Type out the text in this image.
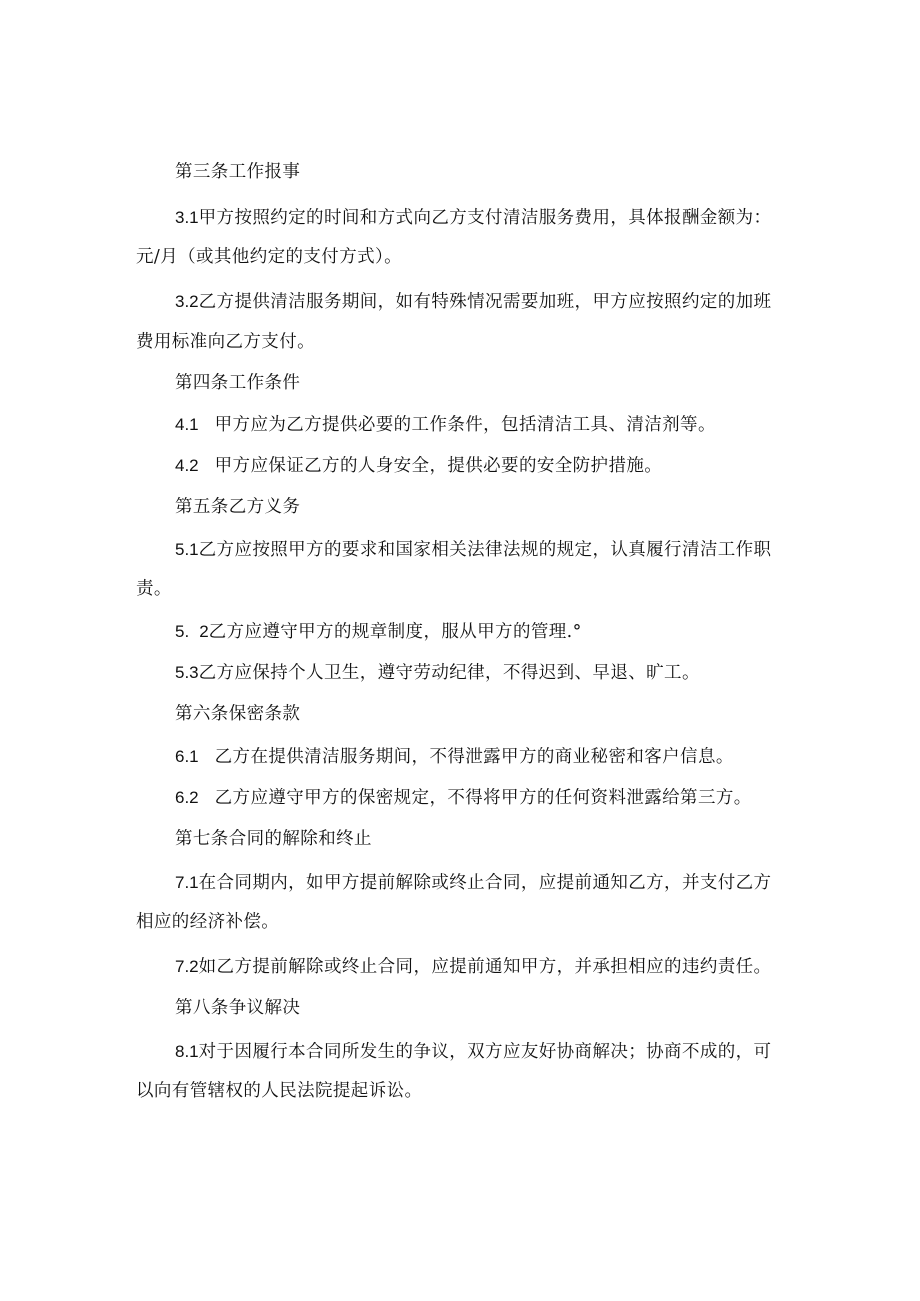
第三条工作报事
3.1甲方按照约定的时间和方式向乙方支付清洁服务费用，具体报酬金额为：
元/月（或其他约定的支付方式）。
3.2乙方提供清洁服务期间，如有特殊情况需要加班，甲方应按照约定的加班
费用标准向乙方支付。
第四条工作条件
4.1 甲方应为乙方提供必要的工作条件，包括清洁工具、清洁剂等。
4.2 甲方应保证乙方的人身安全，提供必要的安全防护措施。
第五条乙方义务
5.1乙方应按照甲方的要求和国家相关法律法规的规定，认真履行清洁工作职
责。
5. 2乙方应遵守甲方的规章制度，服从甲方的管理.°
5.3乙方应保持个人卫生，遵守劳动纪律，不得迟到、早退、旷工。
第六条保密条款
6.1 乙方在提供清洁服务期间，不得泄露甲方的商业秘密和客户信息。
6.2 乙方应遵守甲方的保密规定，不得将甲方的任何资料泄露给第三方。
第七条合同的解除和终止
7.1在合同期内，如甲方提前解除或终止合同，应提前通知乙方，并支付乙方
相应的经济补偿。
7.2如乙方提前解除或终止合同，应提前通知甲方，并承担相应的违约责任。
第八条争议解决
8.1对于因履行本合同所发生的争议，双方应友好协商解决；协商不成的，可
以向有管辖权的人民法院提起诉讼。
